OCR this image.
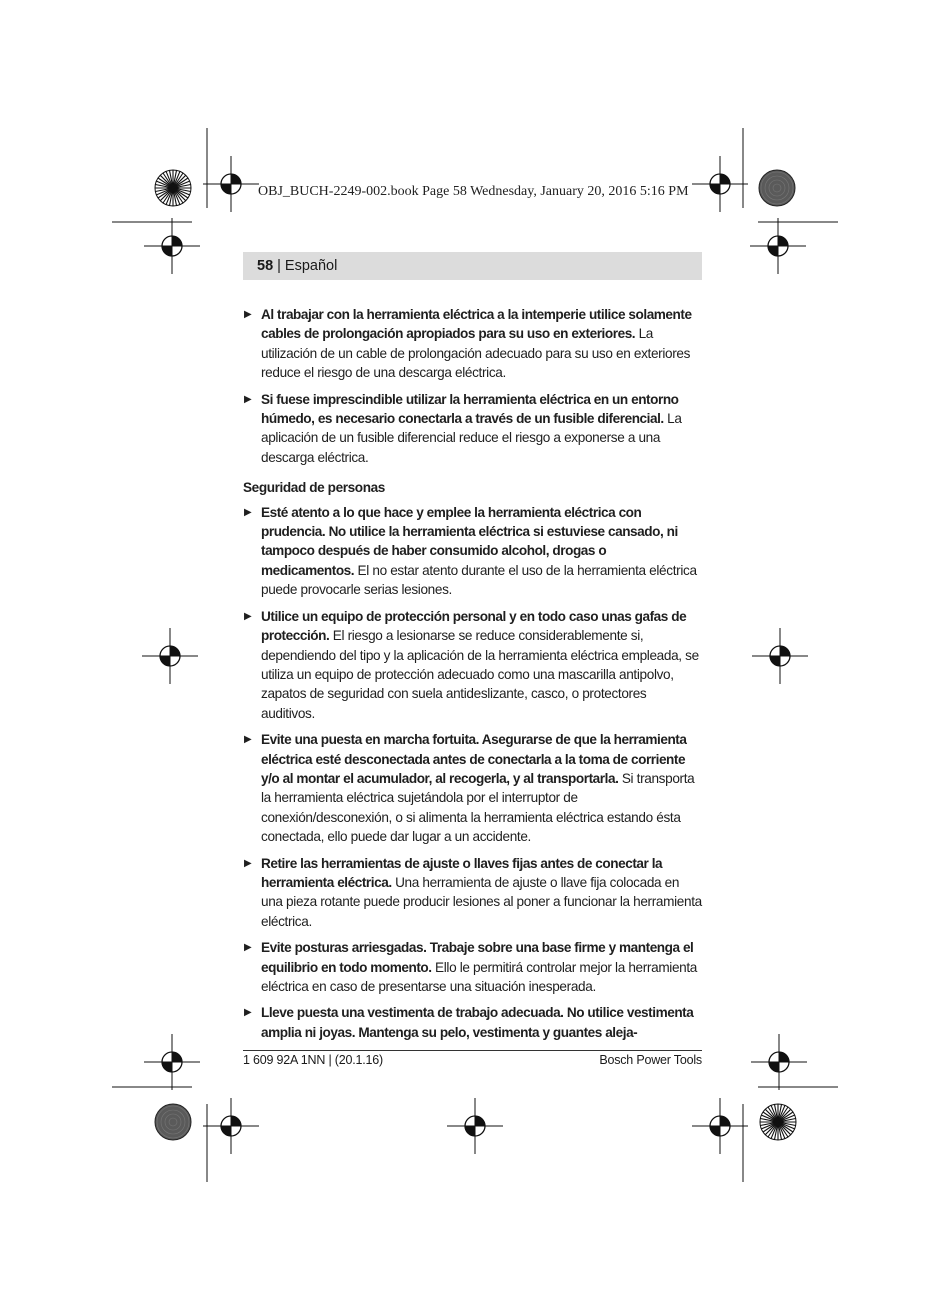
OBJ_BUCH-2249-002.book Page 58 Wednesday, January 20, 2016 5:16 PM
58 | Español
▶ Al trabajar con la herramienta eléctrica a la intemperie utilice solamente cables de prolongación apropiados para su uso en exteriores. La utilización de un cable de prolongación adecuado para su uso en exteriores reduce el riesgo de una descarga eléctrica.
▶ Si fuese imprescindible utilizar la herramienta eléctrica en un entorno húmedo, es necesario conectarla a través de un fusible diferencial. La aplicación de un fusible diferencial reduce el riesgo a exponerse a una descarga eléctrica.
Seguridad de personas
▶ Esté atento a lo que hace y emplee la herramienta eléctrica con prudencia. No utilice la herramienta eléctrica si estuviese cansado, ni tampoco después de haber consumido alcohol, drogas o medicamentos. El no estar atento durante el uso de la herramienta eléctrica puede provocarle serias lesiones.
▶ Utilice un equipo de protección personal y en todo caso unas gafas de protección. El riesgo a lesionarse se reduce considerablemente si, dependiendo del tipo y la aplicación de la herramienta eléctrica empleada, se utiliza un equipo de protección adecuado como una mascarilla antipolvo, zapatos de seguridad con suela antideslizante, casco, o protectores auditivos.
▶ Evite una puesta en marcha fortuita. Asegurarse de que la herramienta eléctrica esté desconectada antes de conectarla a la toma de corriente y/o al montar el acumulador, al recogerla, y al transportarla. Si transporta la herramienta eléctrica sujetándola por el interruptor de conexión/desconexión, o si alimenta la herramienta eléctrica estando ésta conectada, ello puede dar lugar a un accidente.
▶ Retire las herramientas de ajuste o llaves fijas antes de conectar la herramienta eléctrica. Una herramienta de ajuste o llave fija colocada en una pieza rotante puede producir lesiones al poner a funcionar la herramienta eléctrica.
▶ Evite posturas arriesgadas. Trabaje sobre una base firme y mantenga el equilibrio en todo momento. Ello le permitirá controlar mejor la herramienta eléctrica en caso de presentarse una situación inesperada.
▶ Lleve puesta una vestimenta de trabajo adecuada. No utilice vestimenta amplia ni joyas. Mantenga su pelo, vestimenta y guantes aleja-
1 609 92A 1NN | (20.1.16)	Bosch Power Tools
